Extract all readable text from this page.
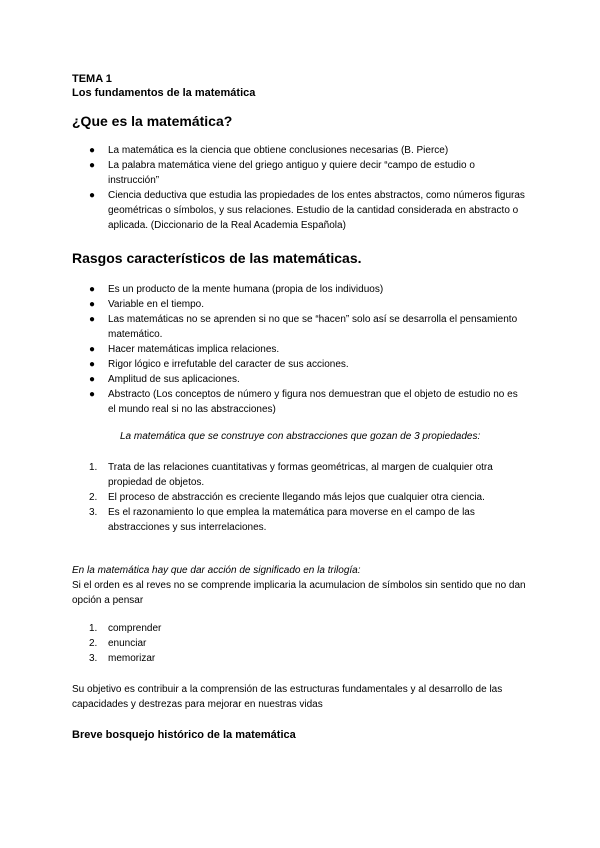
TEMA 1
Los fundamentos de la matemática
¿Que es la matemática?
● La matemática es la ciencia que obtiene conclusiones necesarias (B. Pierce)
● La palabra matemática viene del griego antiguo y quiere decir “campo de estudio o instrucción”
● Ciencia deductiva que estudia las propiedades de los entes abstractos, como números figuras geométricas o símbolos, y sus relaciones. Estudio de la cantidad considerada en abstracto o aplicada. (Diccionario de la Real Academia Española)
Rasgos característicos de las matemáticas.
● Es un producto de la mente humana (propia de los individuos)
● Variable en el tiempo.
● Las matemáticas no se aprenden si no que se “hacen” solo así se desarrolla el pensamiento matemático.
● Hacer matemáticas implica relaciones.
● Rigor lógico e irrefutable del caracter de sus acciones.
● Amplitud de sus aplicaciones.
● Abstracto (Los conceptos de número y figura nos demuestran que el objeto de estudio no es el mundo real si no las abstracciones)
La matemática que se construye con abstracciones que gozan de 3 propiedades:
1. Trata de las relaciones cuantitativas y formas geométricas, al margen de cualquier otra propiedad de objetos.
2. El proceso de abstracción es creciente llegando más lejos que cualquier otra ciencia.
3. Es el razonamiento lo que emplea la matemática para moverse en el campo de las abstracciones y sus interrelaciones.
En la matemática hay que dar acción de significado en la trilogía:
Si el orden es al reves no se comprende implicaria la acumulacion de símbolos sin sentido que no dan opción a pensar
1. comprender
2. enunciar
3. memorizar
Su objetivo es contribuir a la comprensión de las estructuras fundamentales y al desarrollo de las capacidades y destrezas para mejorar en nuestras vidas
Breve bosquejo histórico de la matemática
